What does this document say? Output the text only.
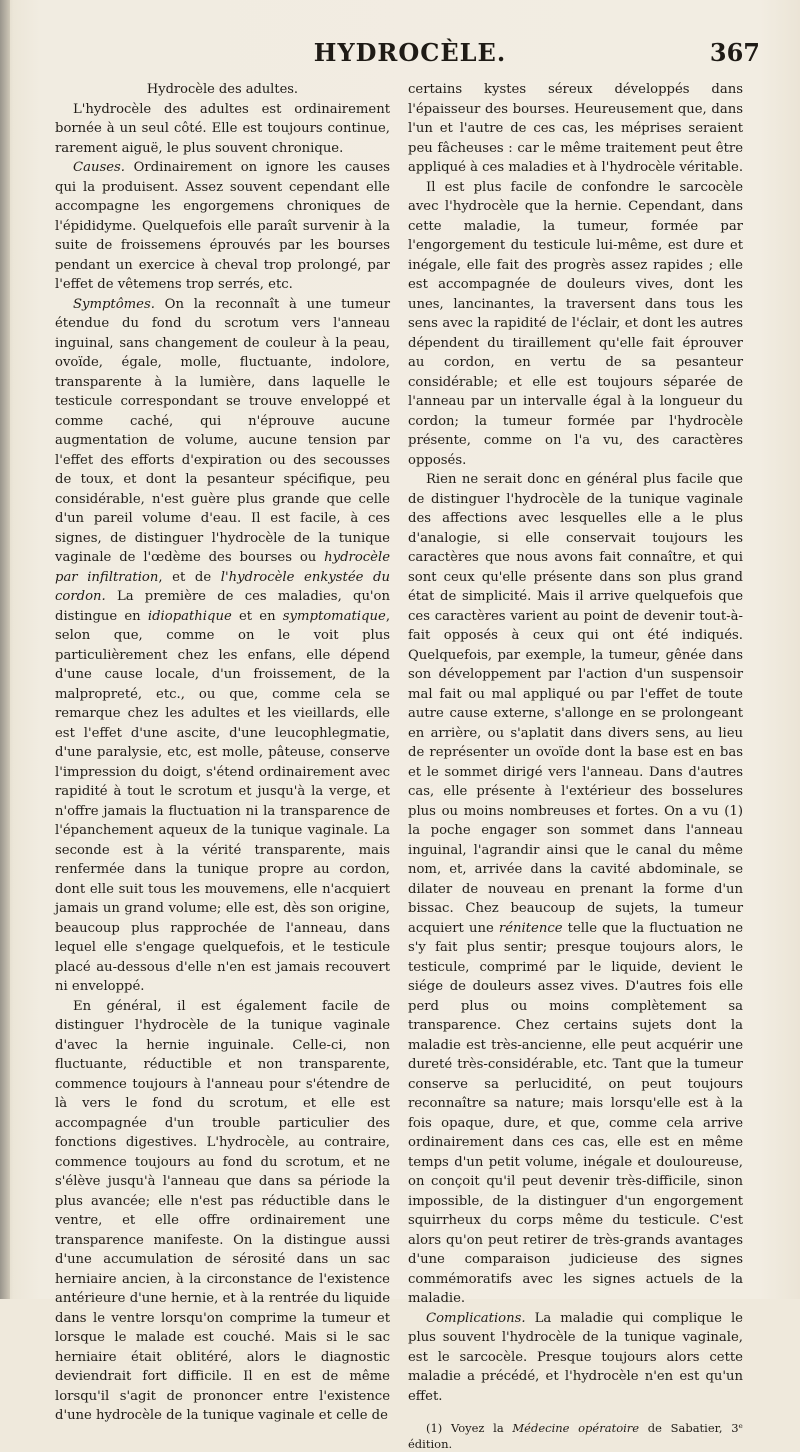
HYDROCÈLE.	367

Hydrocèle des adultes.

L'hydrocèle des adultes est ordinairement bornée à un seul côté. Elle est toujours continue, rarement aiguë, le plus souvent chronique.

Causes. Ordinairement on ignore les causes qui la produisent. Assez souvent cependant elle accompagne les engorgemens chroniques de l'épididyme. Quelquefois elle paraît survenir à la suite de froissemens éprouvés par les bourses pendant un exercice à cheval trop prolongé, par l'effet de vêtemens trop serrés, etc.

Symptômes. On la reconnaît à une tumeur étendue du fond du scrotum vers l'anneau inguinal, sans changement de couleur à la peau, ovoïde, égale, molle, fluctuante, indolore, transparente à la lumière, dans laquelle le testicule correspondant se trouve enveloppé et comme caché, qui n'éprouve aucune augmentation de volume, aucune tension par l'effet des efforts d'expiration ou des secousses de toux, et dont la pesanteur spécifique, peu considérable, n'est guère plus grande que celle d'un pareil volume d'eau. Il est facile, à ces signes, de distinguer l'hydrocèle de la tunique vaginale de l'œdème des bourses ou hydrocèle par infiltration, et de l'hydrocèle enkystée du cordon. La première de ces maladies, qu'on distingue en idiopathique et en symptomatique, selon que, comme on le voit plus particulièrement chez les enfans, elle dépend d'une cause locale, d'un froissement, de la malpropreté, etc., ou que, comme cela se remarque chez les adultes et les vieillards, elle est l'effet d'une ascite, d'une leucophlegmatie, d'une paralysie, etc, est molle, pâteuse, conserve l'impression du doigt, s'étend ordinairement avec rapidité à tout le scrotum et jusqu'à la verge, et n'offre jamais la fluctuation ni la transparence de l'épanchement aqueux de la tunique vaginale. La seconde est à la vérité transparente, mais renfermée dans la tunique propre au cordon, dont elle suit tous les mouvemens, elle n'acquiert jamais un grand volume; elle est, dès son origine, beaucoup plus rapprochée de l'anneau, dans lequel elle s'engage quelquefois, et le testicule placé au-dessous d'elle n'en est jamais recouvert ni enveloppé.

En général, il est également facile de distinguer l'hydrocèle de la tunique vaginale d'avec la hernie inguinale. Celle-ci, non fluctuante, réductible et non transparente, commence toujours à l'anneau pour s'étendre de là vers le fond du scrotum, et elle est accompagnée d'un trouble particulier des fonctions digestives. L'hydrocèle, au contraire, commence toujours au fond du scrotum, et ne s'élève jusqu'à l'anneau que dans sa période la plus avancée; elle n'est pas réductible dans le ventre, et elle offre ordinairement une transparence manifeste. On la distingue aussi d'une accumulation de sérosité dans un sac herniaire ancien, à la circonstance de l'existence antérieure d'une hernie, et à la rentrée du liquide dans le ventre lorsqu'on comprime la tumeur et lorsque le malade est couché. Mais si le sac herniaire était oblitéré, alors le diagnostic deviendrait fort difficile. Il en est de même lorsqu'il s'agit de prononcer entre l'existence d'une hydrocèle de la tunique vaginale et celle de

certains kystes séreux développés dans l'épaisseur des bourses. Heureusement que, dans l'un et l'autre de ces cas, les méprises seraient peu fâcheuses : car le même traitement peut être appliqué à ces maladies et à l'hydrocèle véritable.

Il est plus facile de confondre le sarcocèle avec l'hydrocèle que la hernie. Cependant, dans cette maladie, la tumeur, formée par l'engorgement du testicule lui-même, est dure et inégale, elle fait des progrès assez rapides ; elle est accompagnée de douleurs vives, dont les unes, lancinantes, la traversent dans tous les sens avec la rapidité de l'éclair, et dont les autres dépendent du tiraillement qu'elle fait éprouver au cordon, en vertu de sa pesanteur considérable; et elle est toujours séparée de l'anneau par un intervalle égal à la longueur du cordon; la tumeur formée par l'hydrocèle présente, comme on l'a vu, des caractères opposés.

Rien ne serait donc en général plus facile que de distinguer l'hydrocèle de la tunique vaginale des affections avec lesquelles elle a le plus d'analogie, si elle conservait toujours les caractères que nous avons fait connaître, et qui sont ceux qu'elle présente dans son plus grand état de simplicité. Mais il arrive quelquefois que ces caractères varient au point de devenir tout-à-fait opposés à ceux qui ont été indiqués. Quelquefois, par exemple, la tumeur, gênée dans son développement par l'action d'un suspensoir mal fait ou mal appliqué ou par l'effet de toute autre cause externe, s'allonge en se prolongeant en arrière, ou s'aplatit dans divers sens, au lieu de représenter un ovoïde dont la base est en bas et le sommet dirigé vers l'anneau. Dans d'autres cas, elle présente à l'extérieur des bosselures plus ou moins nombreuses et fortes. On a vu (1) la poche engager son sommet dans l'anneau inguinal, l'agrandir ainsi que le canal du même nom, et, arrivée dans la cavité abdominale, se dilater de nouveau en prenant la forme d'un bissac. Chez beaucoup de sujets, la tumeur acquiert une rénitence telle que la fluctuation ne s'y fait plus sentir; presque toujours alors, le testicule, comprimé par le liquide, devient le siége de douleurs assez vives. D'autres fois elle perd plus ou moins complètement sa transparence. Chez certains sujets dont la maladie est très-ancienne, elle peut acquérir une dureté très-considérable, etc. Tant que la tumeur conserve sa perlucidité, on peut toujours reconnaître sa nature; mais lorsqu'elle est à la fois opaque, dure, et que, comme cela arrive ordinairement dans ces cas, elle est en même temps d'un petit volume, inégale et douloureuse, on conçoit qu'il peut devenir très-difficile, sinon impossible, de la distinguer d'un engorgement squirrheux du corps même du testicule. C'est alors qu'on peut retirer de très-grands avantages d'une comparaison judicieuse des signes commémoratifs avec les signes actuels de la maladie.

Complications. La maladie qui complique le plus souvent l'hydrocèle de la tunique vaginale, est le sarcocèle. Presque toujours alors cette maladie a précédé, et l'hydrocèle n'en est qu'un effet.

(1) Voyez la Médecine opératoire de Sabatier, 3ᵉ édition.
